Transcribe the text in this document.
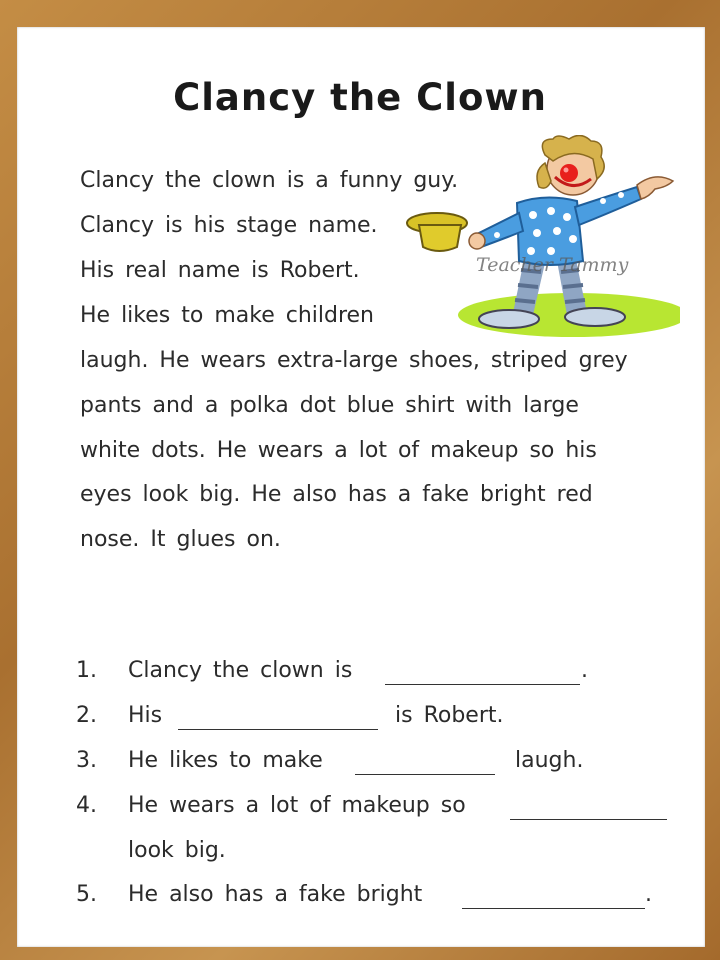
Clancy the Clown
Teacher Tammy
Clancy the clown is a funny guy.
Clancy is his stage name.
His real name is Robert.
He likes to make children
laugh. He wears extra-large shoes, striped grey
pants and a polka dot blue shirt with large
white dots. He wears a lot of makeup so his
eyes look big. He also has a fake bright red
nose. It glues on.
1. Clancy the clown is	.
2. His	is Robert.
3. He likes to make	laugh.
4. He wears a lot of makeup so
look big.
5. He also has a fake bright	.
